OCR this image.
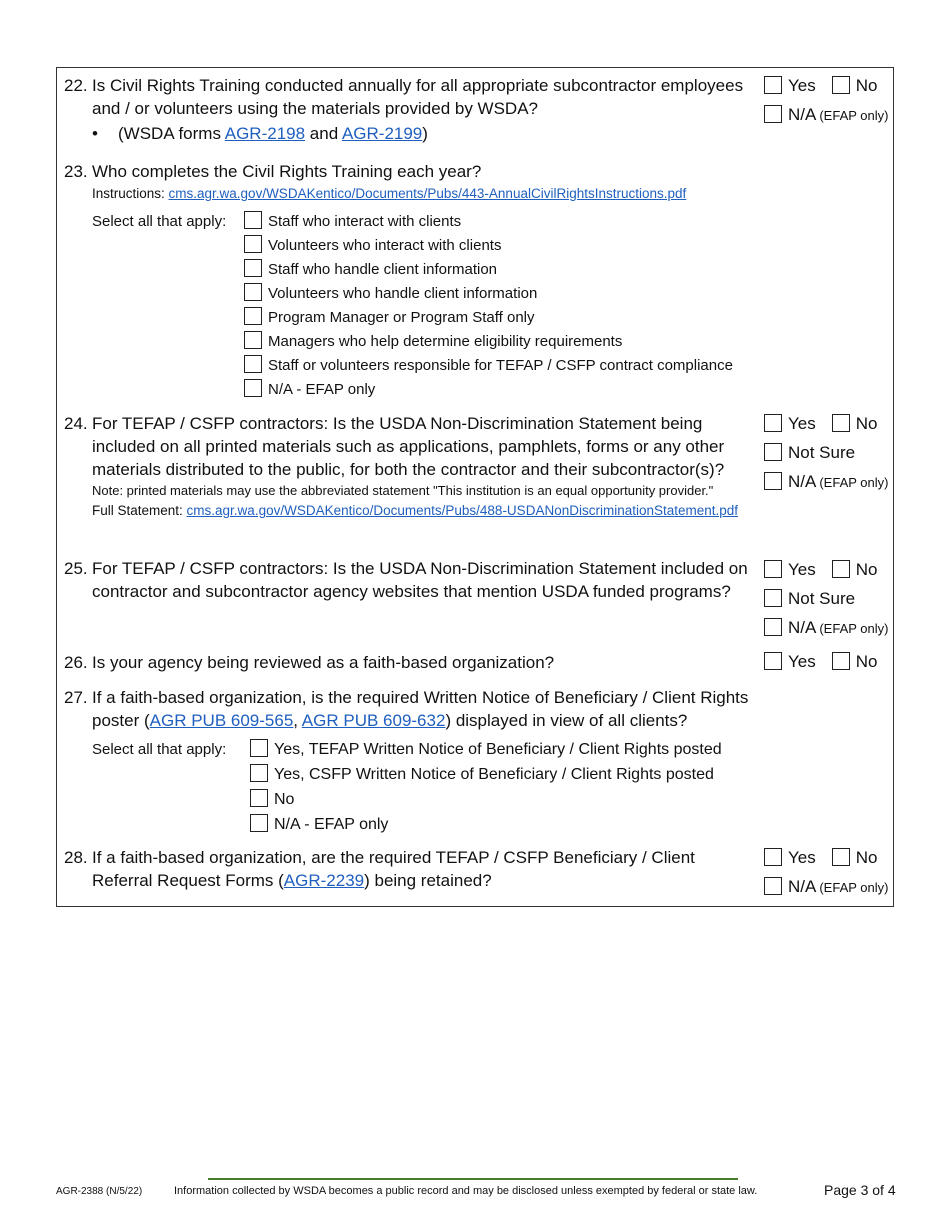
22. Is Civil Rights Training conducted annually for all appropriate subcontractor employees and / or volunteers using the materials provided by WSDA?
• (WSDA forms AGR-2198 and AGR-2199)
Yes No
N/A (EFAP only)
23. Who completes the Civil Rights Training each year?
Instructions: cms.agr.wa.gov/WSDAKentico/Documents/Pubs/443-AnnualCivilRightsInstructions.pdf
Select all that apply:	Staff who interact with clients
Volunteers who interact with clients
Staff who handle client information
Volunteers who handle client information
Program Manager or Program Staff only
Managers who help determine eligibility requirements
Staff or volunteers responsible for TEFAP / CSFP contract compliance
N/A - EFAP only
24. For TEFAP / CSFP contractors: Is the USDA Non-Discrimination Statement being included on all printed materials such as applications, pamphlets, forms or any other materials distributed to the public, for both the contractor and their subcontractor(s)?
Note: printed materials may use the abbreviated statement "This institution is an equal opportunity provider."
Full Statement: cms.agr.wa.gov/WSDAKentico/Documents/Pubs/488-USDANonDiscriminationStatement.pdf
Yes No
Not Sure
N/A (EFAP only)
25. For TEFAP / CSFP contractors: Is the USDA Non-Discrimination Statement included on contractor and subcontractor agency websites that mention USDA funded programs?
Yes No
Not Sure
N/A (EFAP only)
26. Is your agency being reviewed as a faith-based organization?	Yes No
27. If a faith-based organization, is the required Written Notice of Beneficiary / Client Rights poster (AGR PUB 609-565, AGR PUB 609-632) displayed in view of all clients?
Select all that apply:	Yes, TEFAP Written Notice of Beneficiary / Client Rights posted
Yes, CSFP Written Notice of Beneficiary / Client Rights posted
No
N/A - EFAP only
28. If a faith-based organization, are the required TEFAP / CSFP Beneficiary / Client Referral Request Forms (AGR-2239) being retained?
Yes No
N/A (EFAP only)
AGR-2388 (N/5/22)	Information collected by WSDA becomes a public record and may be disclosed unless exempted by federal or state law.	Page 3 of 4
